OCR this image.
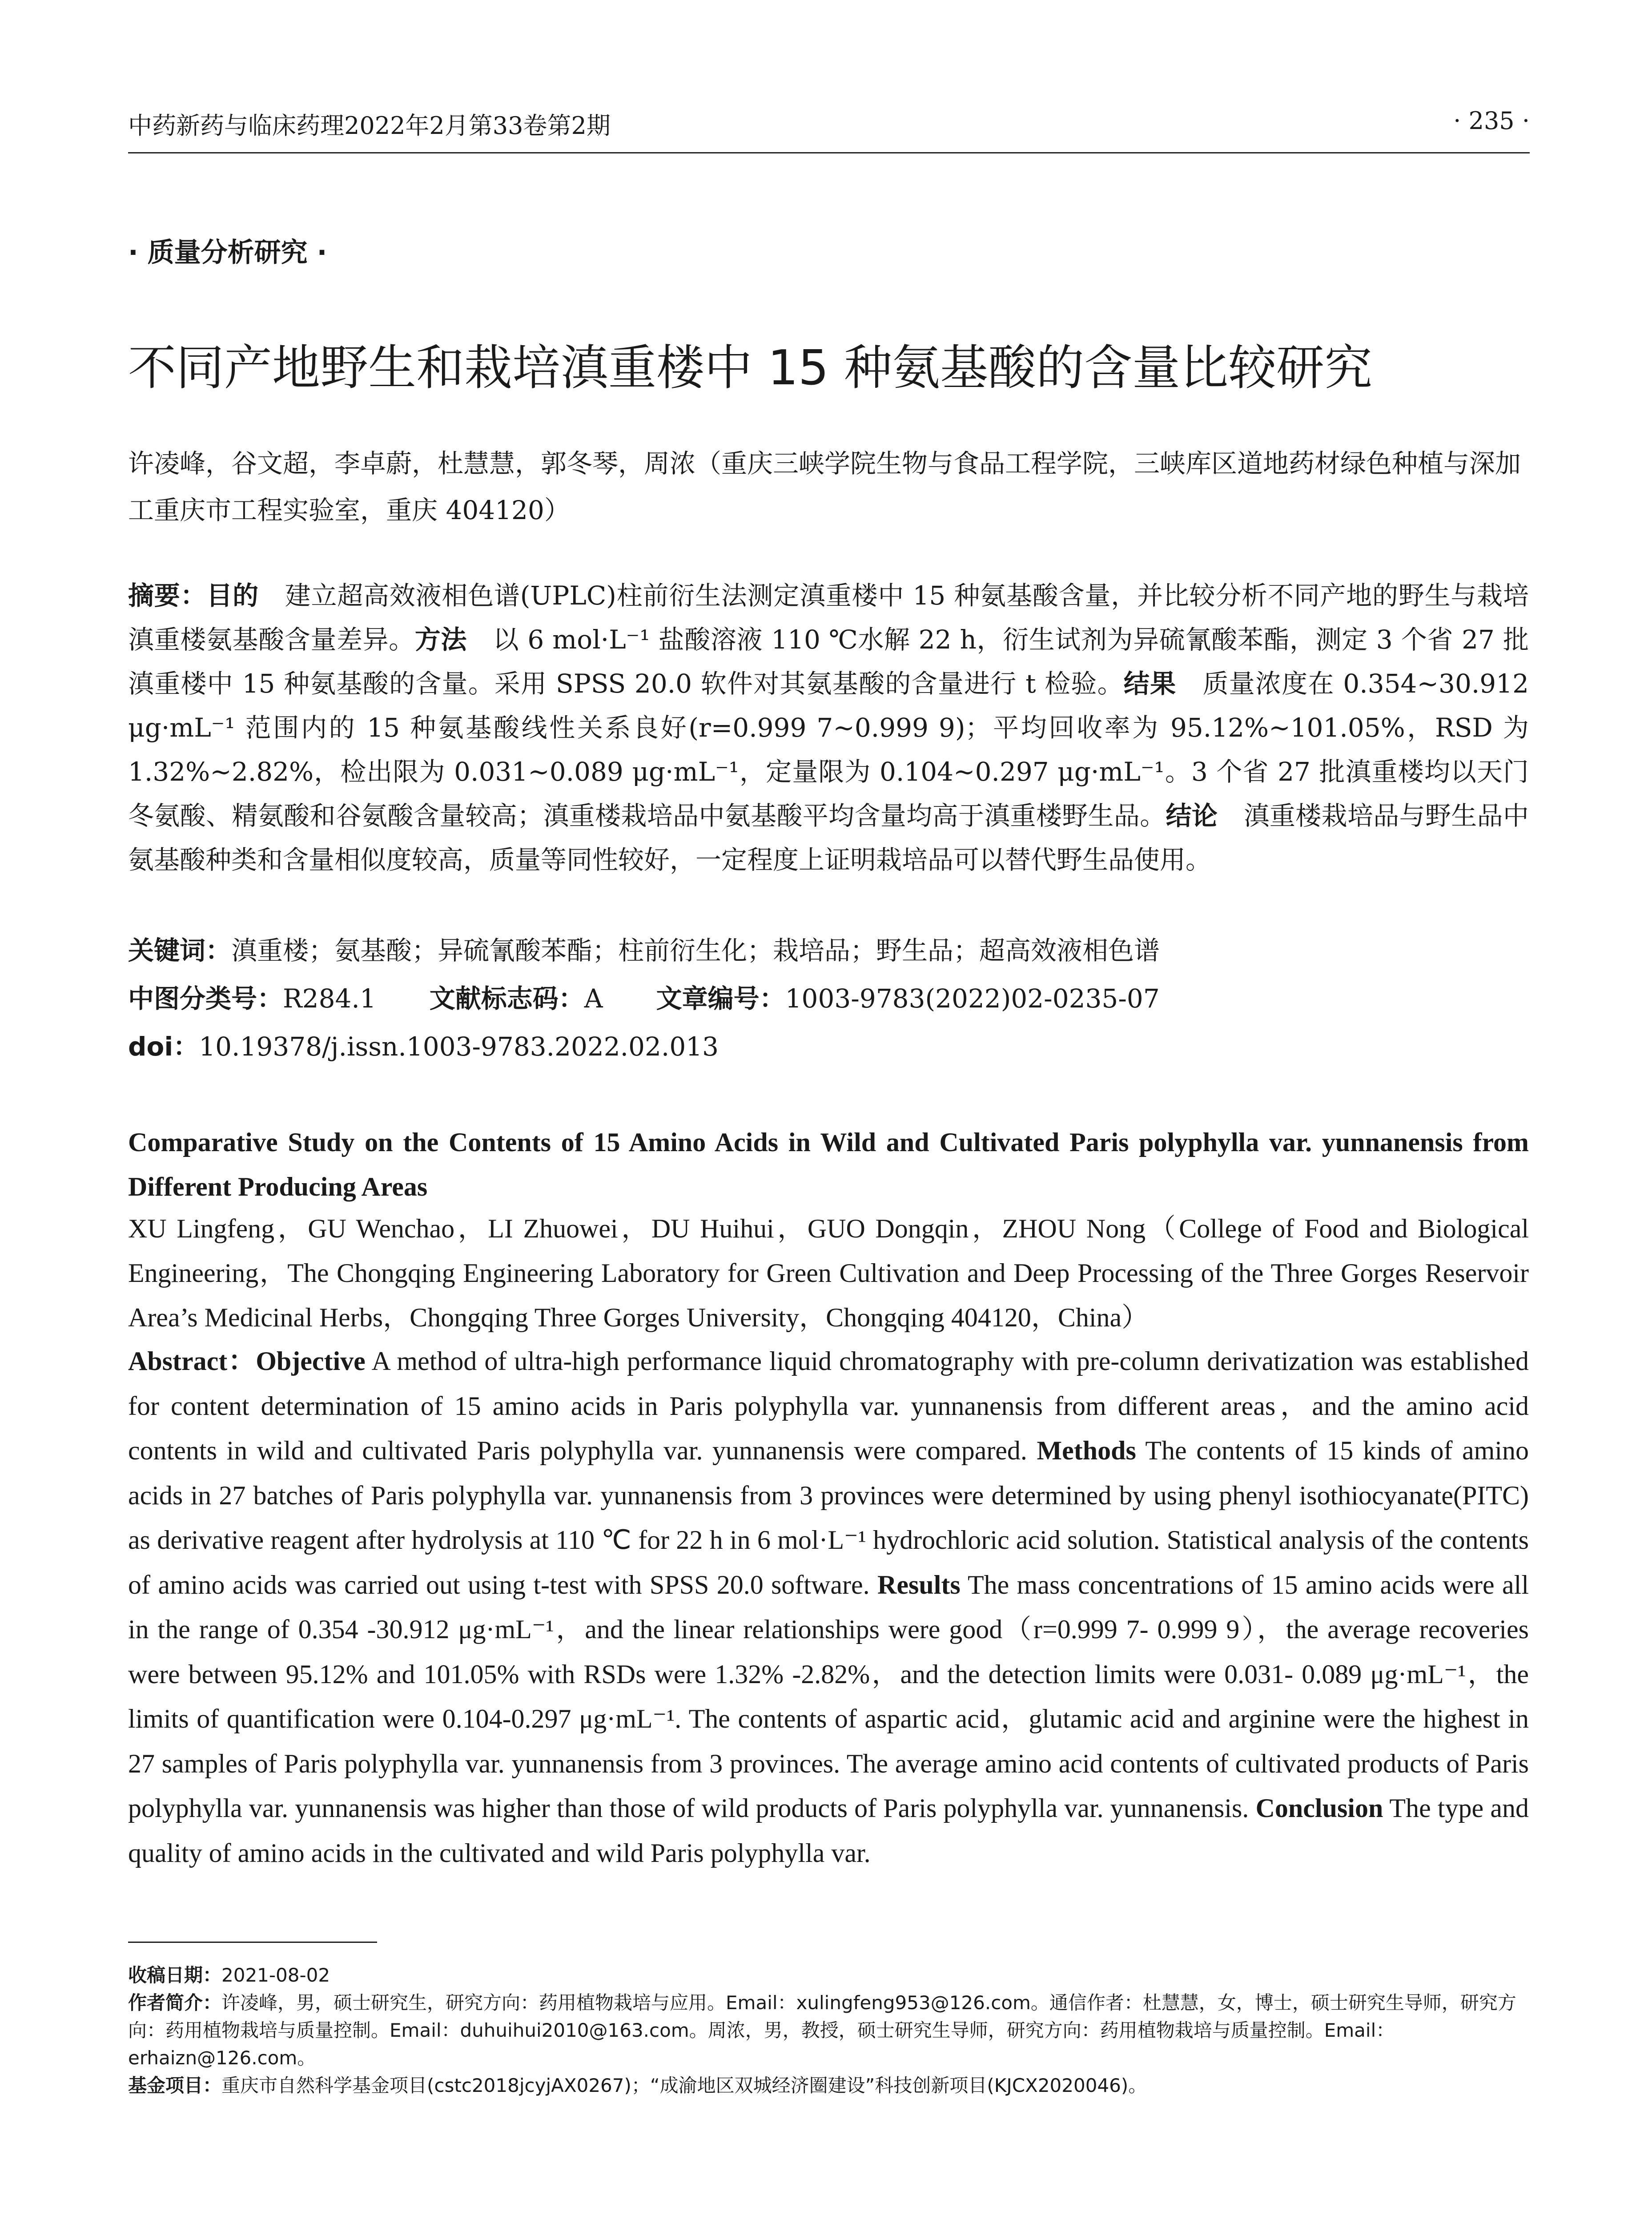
中药新药与临床药理2022年2月第33卷第2期	· 235 ·
· 质量分析研究 ·
不同产地野生和栽培滇重楼中 15 种氨基酸的含量比较研究
许凌峰，谷文超，李卓蔚，杜慧慧，郭冬琴，周浓（重庆三峡学院生物与食品工程学院，三峡库区道地药材绿色种植与深加工重庆市工程实验室，重庆 404120）
摘要：目的　建立超高效液相色谱(UPLC)柱前衍生法测定滇重楼中 15 种氨基酸含量，并比较分析不同产地的野生与栽培滇重楼氨基酸含量差异。方法　以 6 mol·L⁻¹ 盐酸溶液 110 ℃水解 22 h，衍生试剂为异硫氰酸苯酯，测定 3 个省 27 批滇重楼中 15 种氨基酸的含量。采用 SPSS 20.0 软件对其氨基酸的含量进行 t 检验。结果　质量浓度在 0.354~30.912 μg·mL⁻¹ 范围内的 15 种氨基酸线性关系良好(r=0.999 7~0.999 9)；平均回收率为 95.12%~101.05%，RSD 为 1.32%~2.82%，检出限为 0.031~0.089 μg·mL⁻¹，定量限为 0.104~0.297 μg·mL⁻¹。3 个省 27 批滇重楼均以天门冬氨酸、精氨酸和谷氨酸含量较高；滇重楼栽培品中氨基酸平均含量均高于滇重楼野生品。结论　滇重楼栽培品与野生品中氨基酸种类和含量相似度较高，质量等同性较好，一定程度上证明栽培品可以替代野生品使用。
关键词：滇重楼；氨基酸；异硫氰酸苯酯；柱前衍生化；栽培品；野生品；超高效液相色谱
中图分类号：R284.1 文献标志码：A 文章编号：1003-9783(2022)02-0235-07
doi：10.19378/j.issn.1003-9783.2022.02.013
Comparative Study on the Contents of 15 Amino Acids in Wild and Cultivated Paris polyphylla var. yunnanensis from Different Producing Areas
XU Lingfeng，GU Wenchao，LI Zhuowei，DU Huihui，GUO Dongqin，ZHOU Nong（College of Food and Biological Engineering，The Chongqing Engineering Laboratory for Green Cultivation and Deep Processing of the Three Gorges Reservoir Area’s Medicinal Herbs，Chongqing Three Gorges University，Chongqing 404120，China）
Abstract：Objective A method of ultra-high performance liquid chromatography with pre-column derivatization was established for content determination of 15 amino acids in Paris polyphylla var. yunnanensis from different areas，and the amino acid contents in wild and cultivated Paris polyphylla var. yunnanensis were compared. Methods The contents of 15 kinds of amino acids in 27 batches of Paris polyphylla var. yunnanensis from 3 provinces were determined by using phenyl isothiocyanate(PITC) as derivative reagent after hydrolysis at 110 ℃ for 22 h in 6 mol·L⁻¹ hydrochloric acid solution. Statistical analysis of the contents of amino acids was carried out using t-test with SPSS 20.0 software. Results The mass concentrations of 15 amino acids were all in the range of 0.354 -30.912 μg·mL⁻¹，and the linear relationships were good（r=0.999 7- 0.999 9），the average recoveries were between 95.12% and 101.05% with RSDs were 1.32% -2.82%，and the detection limits were 0.031- 0.089 μg·mL⁻¹，the limits of quantification were 0.104-0.297 μg·mL⁻¹. The contents of aspartic acid，glutamic acid and arginine were the highest in 27 samples of Paris polyphylla var. yunnanensis from 3 provinces. The average amino acid contents of cultivated products of Paris polyphylla var. yunnanensis was higher than those of wild products of Paris polyphylla var. yunnanensis. Conclusion The type and quality of amino acids in the cultivated and wild Paris polyphylla var.
收稿日期：2021-08-02
作者简介：许凌峰，男，硕士研究生，研究方向：药用植物栽培与应用。Email：xulingfeng953@126.com。通信作者：杜慧慧，女，博士，硕士研究生导师，研究方向：药用植物栽培与质量控制。Email：duhuihui2010@163.com。周浓，男，教授，硕士研究生导师，研究方向：药用植物栽培与质量控制。Email：erhaizn@126.com。
基金项目：重庆市自然科学基金项目(cstc2018jcyjAX0267)；“成渝地区双城经济圈建设”科技创新项目(KJCX2020046)。
